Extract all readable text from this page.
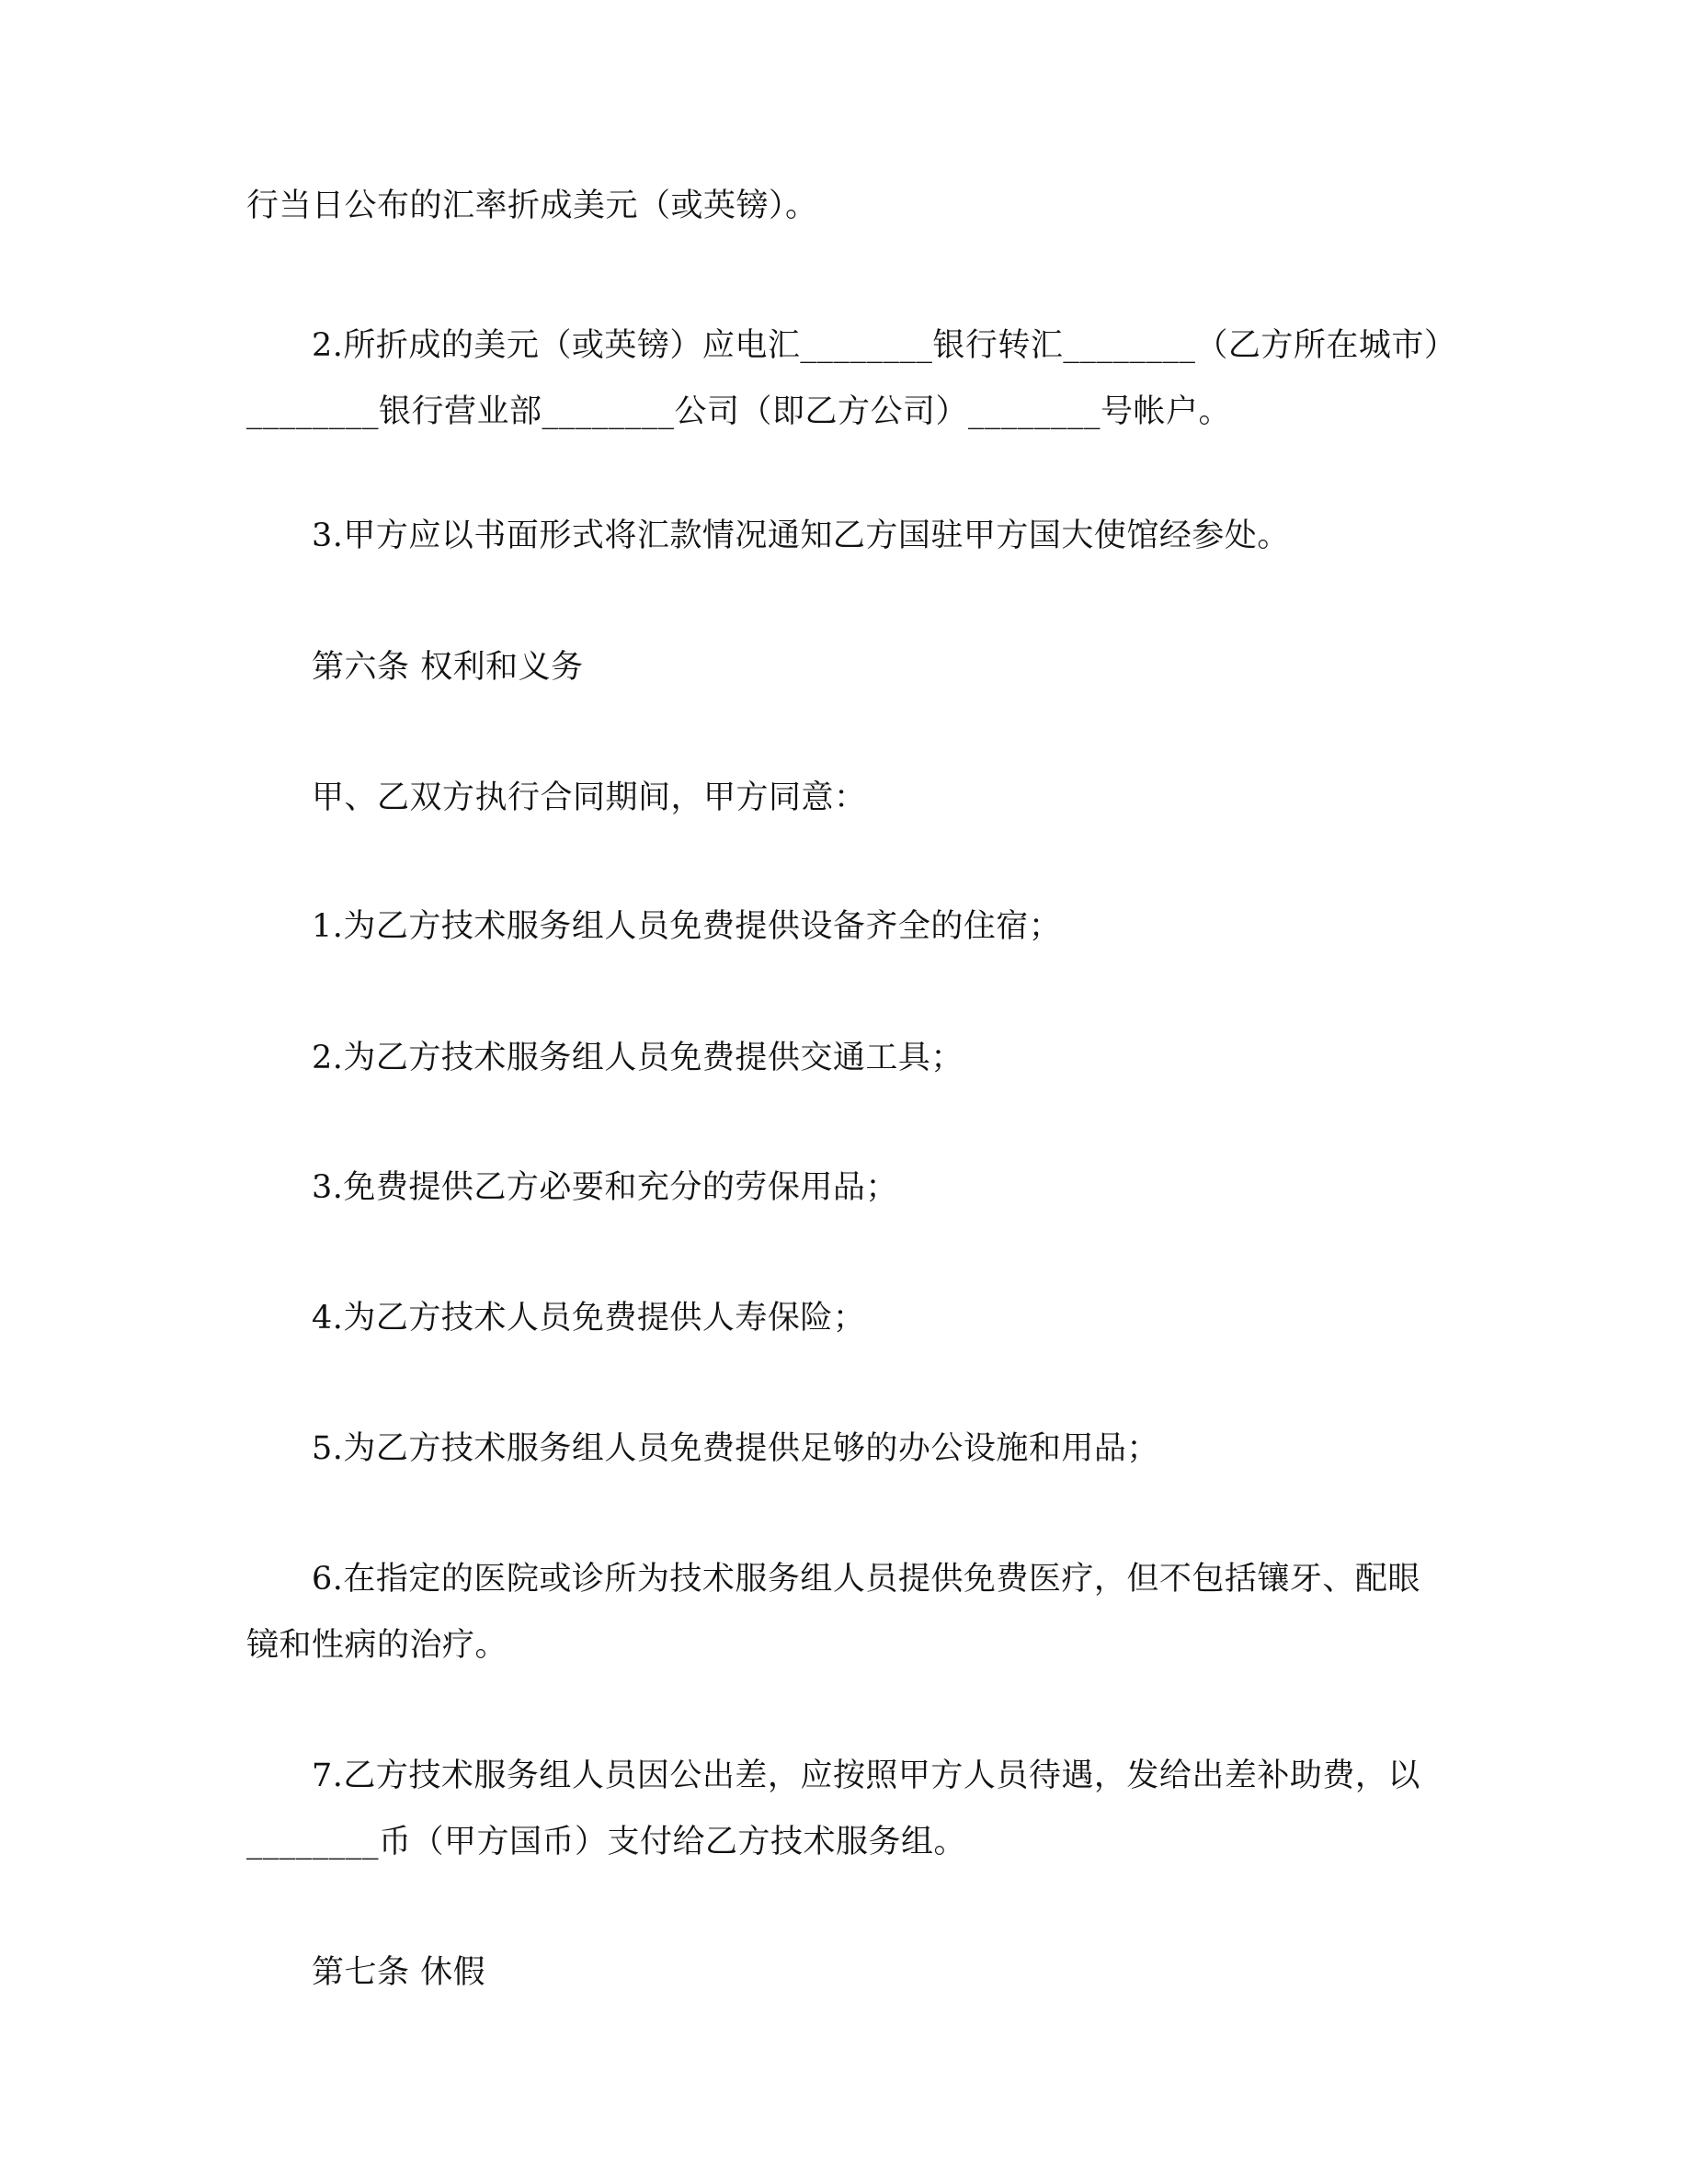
行当日公布的汇率折成美元（或英镑）。

2.所折成的美元（或英镑）应电汇________银行转汇________（乙方所在城市）________银行营业部________公司（即乙方公司）________号帐户。

3.甲方应以书面形式将汇款情况通知乙方国驻甲方国大使馆经参处。

第六条 权利和义务

甲、乙双方执行合同期间，甲方同意：

1.为乙方技术服务组人员免费提供设备齐全的住宿；

2.为乙方技术服务组人员免费提供交通工具；

3.免费提供乙方必要和充分的劳保用品；

4.为乙方技术人员免费提供人寿保险；

5.为乙方技术服务组人员免费提供足够的办公设施和用品；

6.在指定的医院或诊所为技术服务组人员提供免费医疗，但不包括镶牙、配眼镜和性病的治疗。

7.乙方技术服务组人员因公出差，应按照甲方人员待遇，发给出差补助费，以________币（甲方国币）支付给乙方技术服务组。

第七条 休假
